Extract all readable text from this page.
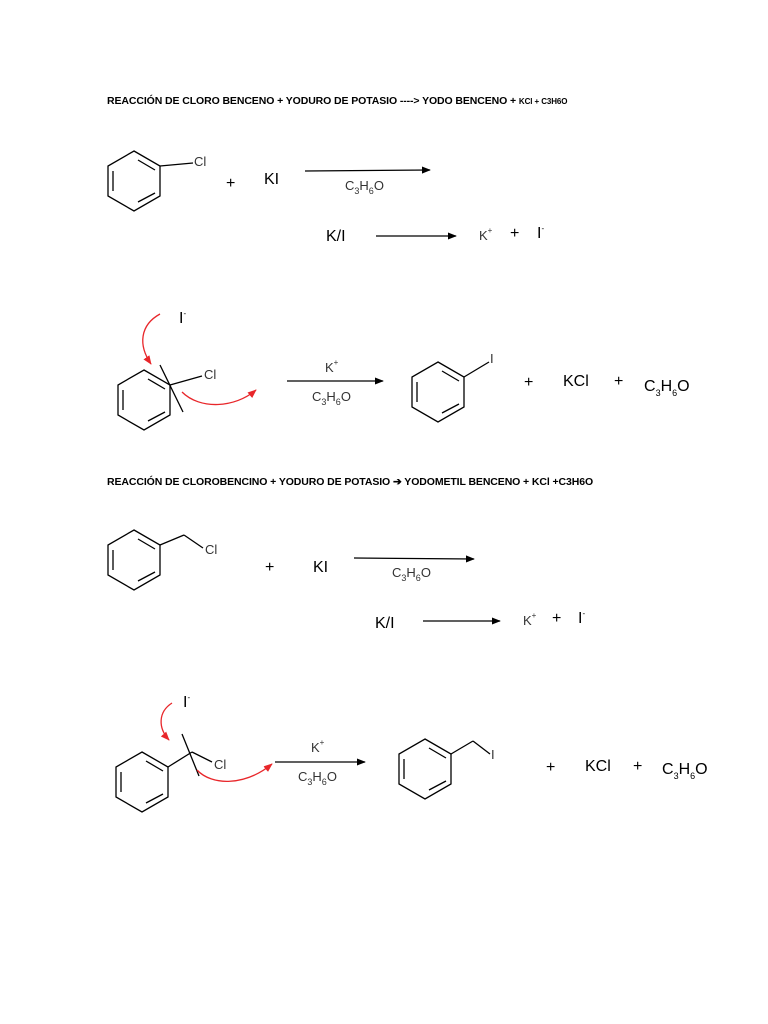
REACCIÓN DE CLORO BENCENO + YODURO DE POTASIO ----> YODO BENCENO + KCl + C3H6O
REACCIÓN DE CLOROBENCINO + YODURO DE POTASIO ➔ YODOMETIL BENCENO + KCl +C3H6O
Cl
+ KI	$C_3H_6O$
K/I	K+ + I-
I-
Cl	K+
$C_3H_6O$
I
+ KCl + $C_3H_6O$
Cl
+ KI	$C_3H_6O$
K/I	K+ + I-
I-
Cl
K+
$C_3H_6O$
I
+ KCl + $C_3H_6O$
